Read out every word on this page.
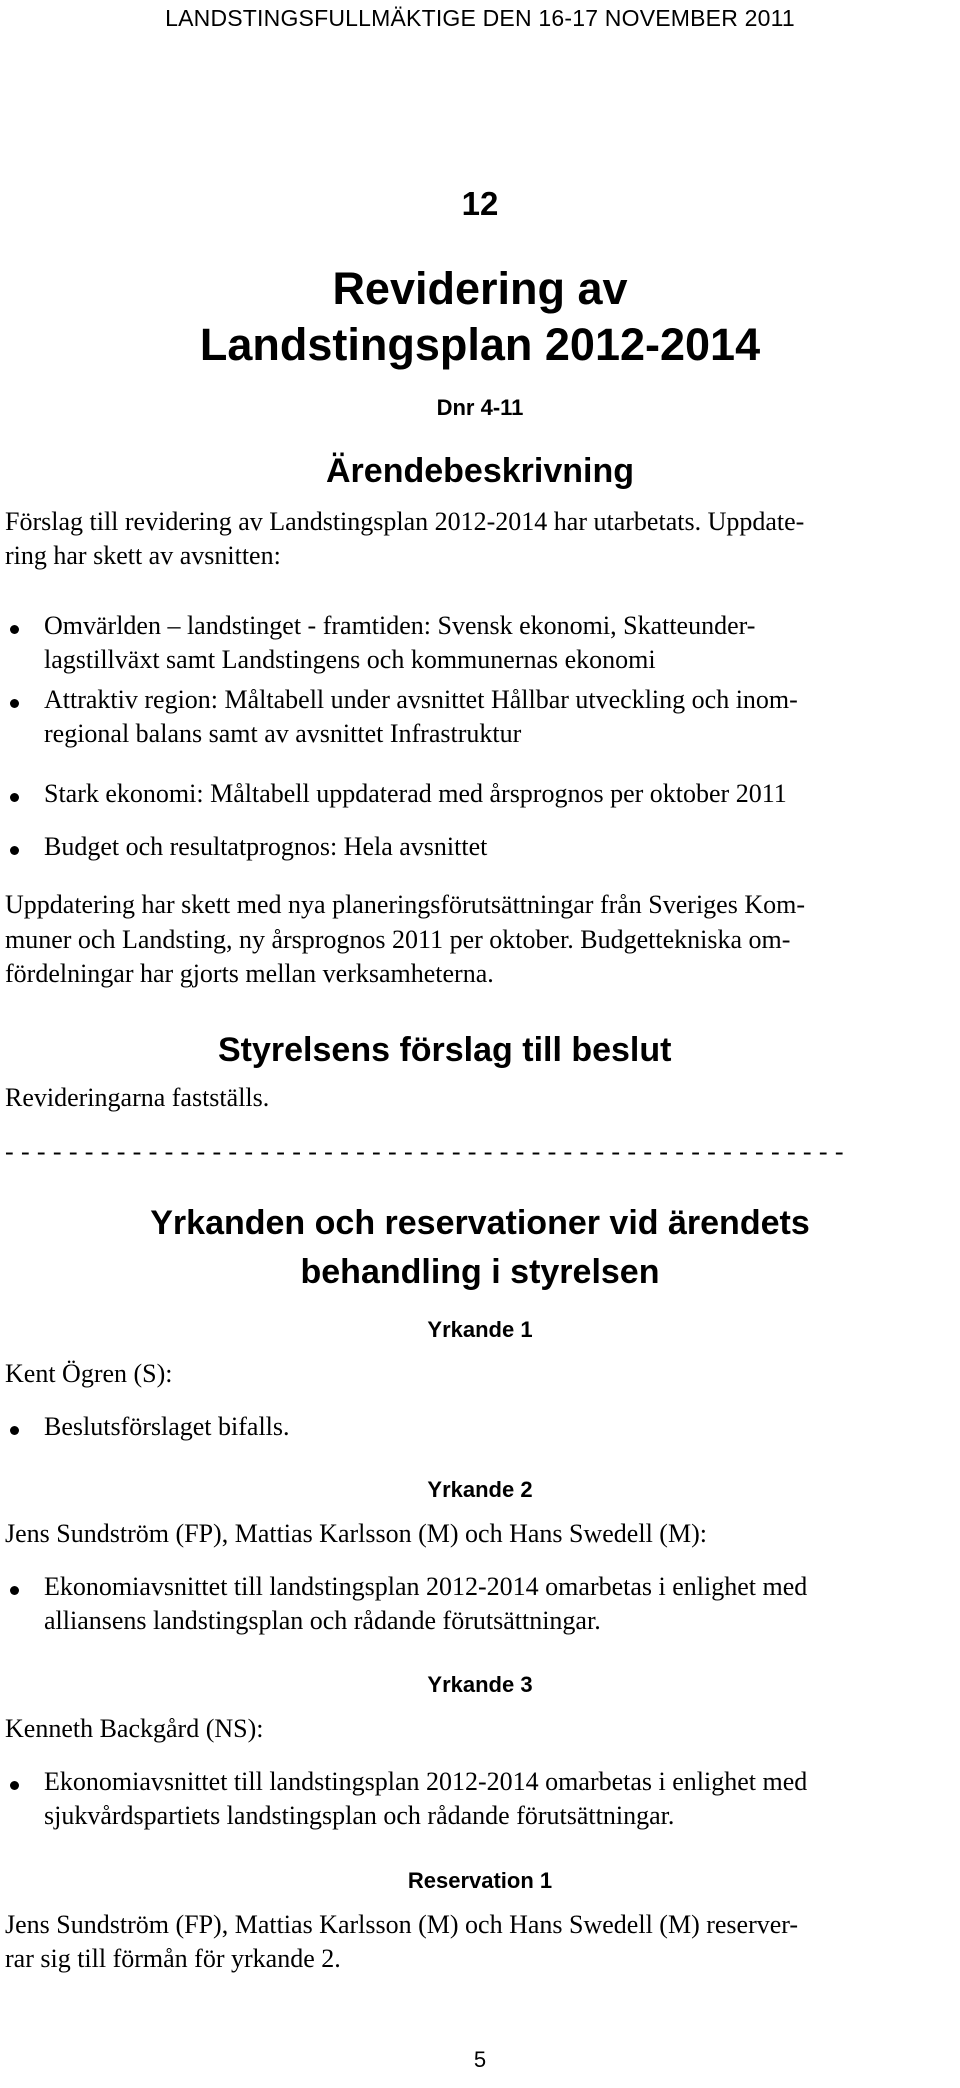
LANDSTINGSFULLMÄKTIGE DEN 16-17 NOVEMBER 2011
12
Revidering av
Landstingsplan 2012-2014
Dnr 4-11
Ärendebeskrivning
Förslag till revidering av Landstingsplan 2012-2014 har utarbetats. Uppdate-
ring har skett av avsnitten:
Omvärlden – landstinget - framtiden: Svensk ekonomi, Skatteunder-
lagstillväxt samt Landstingens och kommunernas ekonomi
Attraktiv region: Måltabell under avsnittet Hållbar utveckling och inom-
regional balans samt av avsnittet Infrastruktur
Stark ekonomi: Måltabell uppdaterad med årsprognos per oktober 2011
Budget och resultatprognos: Hela avsnittet
Uppdatering har skett med nya planeringsförutsättningar från Sveriges Kom-
muner och Landsting, ny årsprognos 2011 per oktober. Budgettekniska om-
fördelningar har gjorts mellan verksamheterna.
Styrelsens förslag till beslut
Revideringarna fastställs.
- - - - - - - - - - - - - - - - - - - - - - - - - - - - - - - - - - - - - - - - - - - - - - - - - - - - -
Yrkanden och reservationer vid ärendets
behandling i styrelsen
Yrkande 1
Kent Ögren (S):
Beslutsförslaget bifalls.
Yrkande 2
Jens Sundström (FP), Mattias Karlsson (M) och Hans Swedell (M):
Ekonomiavsnittet till landstingsplan 2012-2014 omarbetas i enlighet med
alliansens landstingsplan och rådande förutsättningar.
Yrkande 3
Kenneth Backgård (NS):
Ekonomiavsnittet till landstingsplan 2012-2014 omarbetas i enlighet med
sjukvårdspartiets landstingsplan och rådande förutsättningar.
Reservation 1
Jens Sundström (FP), Mattias Karlsson (M) och Hans Swedell (M) reserver-
rar sig till förmån för yrkande 2.
5
